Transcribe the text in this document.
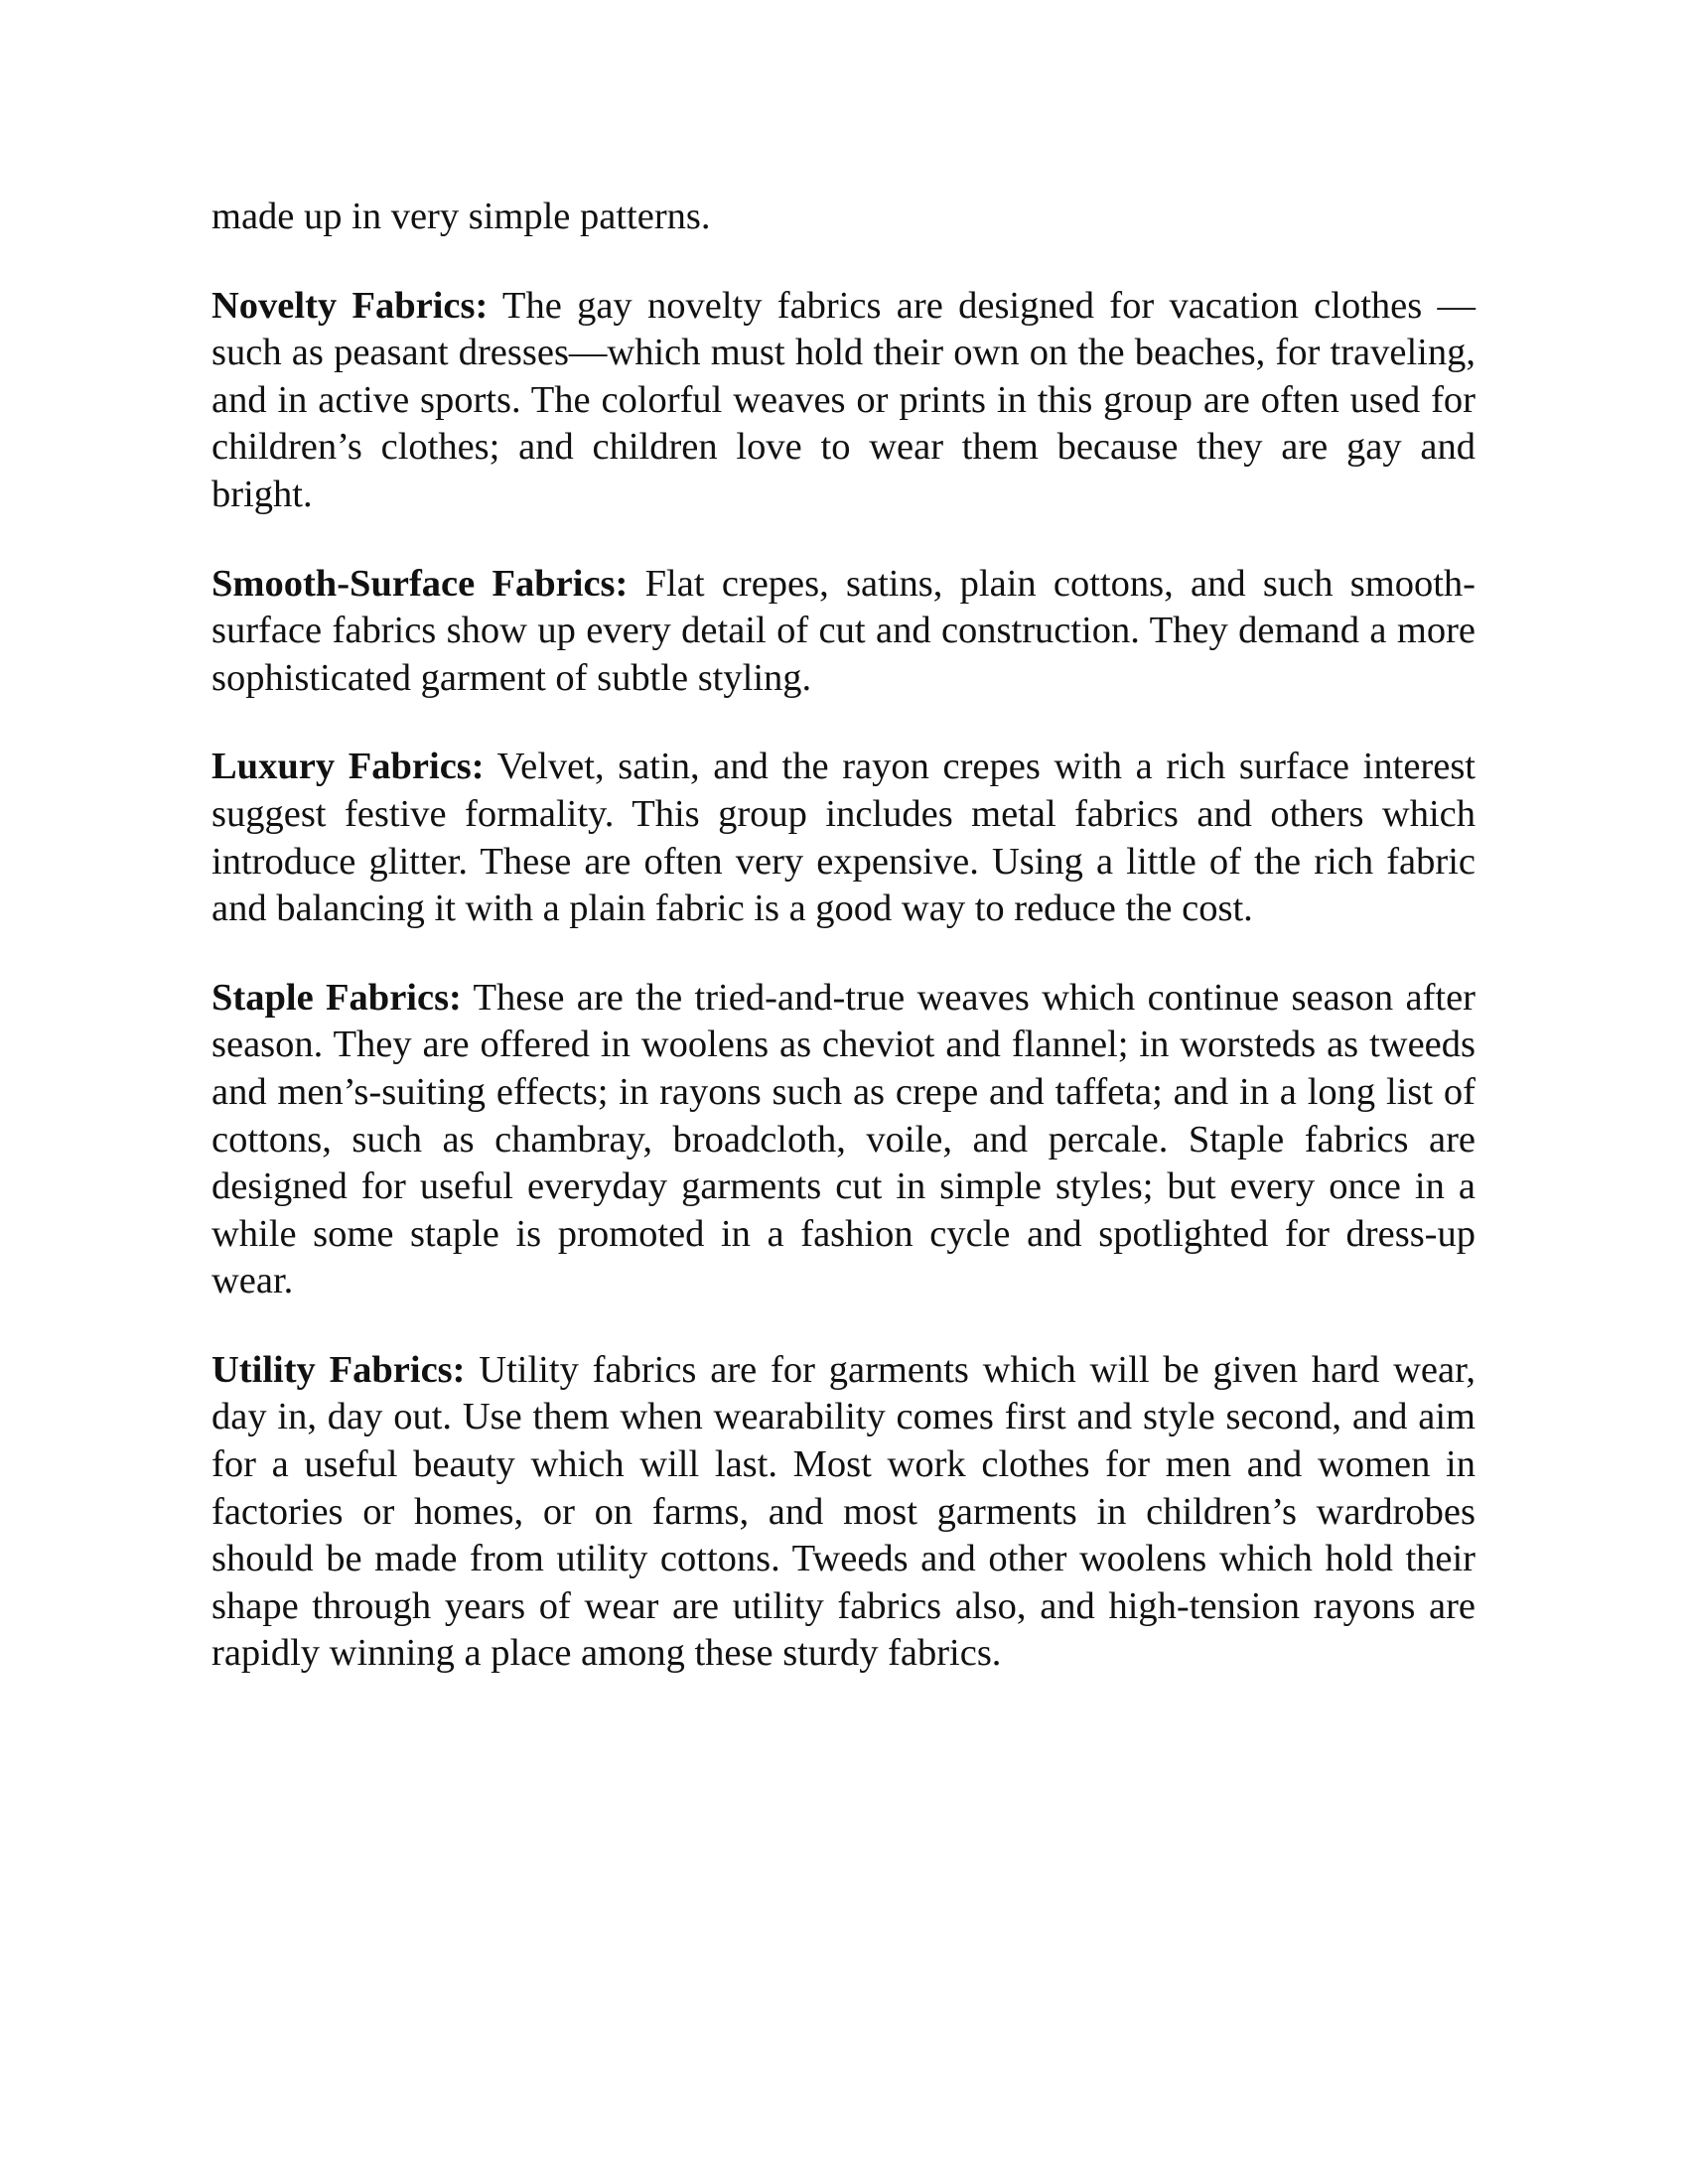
made up in very simple patterns.

Novelty Fabrics: The gay novelty fabrics are designed for vacation clothes —such as peasant dresses—which must hold their own on the beaches, for traveling, and in active sports. The colorful weaves or prints in this group are often used for children’s clothes; and children love to wear them because they are gay and bright.

Smooth-Surface Fabrics: Flat crepes, satins, plain cottons, and such smooth-surface fabrics show up every detail of cut and construction. They demand a more sophisticated garment of subtle styling.

Luxury Fabrics: Velvet, satin, and the rayon crepes with a rich surface interest suggest festive formality. This group includes metal fabrics and others which introduce glitter. These are often very expensive. Using a little of the rich fabric and balancing it with a plain fabric is a good way to reduce the cost.

Staple Fabrics: These are the tried-and-true weaves which continue season after season. They are offered in woolens as cheviot and flannel; in worsteds as tweeds and men’s-suiting effects; in rayons such as crepe and taffeta; and in a long list of cottons, such as chambray, broadcloth, voile, and percale. Staple fabrics are designed for useful everyday garments cut in simple styles; but every once in a while some staple is promoted in a fashion cycle and spotlighted for dress-up wear.

Utility Fabrics: Utility fabrics are for garments which will be given hard wear, day in, day out. Use them when wearability comes first and style second, and aim for a useful beauty which will last. Most work clothes for men and women in factories or homes, or on farms, and most garments in children’s wardrobes should be made from utility cottons. Tweeds and other woolens which hold their shape through years of wear are utility fabrics also, and high-tension rayons are rapidly winning a place among these sturdy fabrics.
